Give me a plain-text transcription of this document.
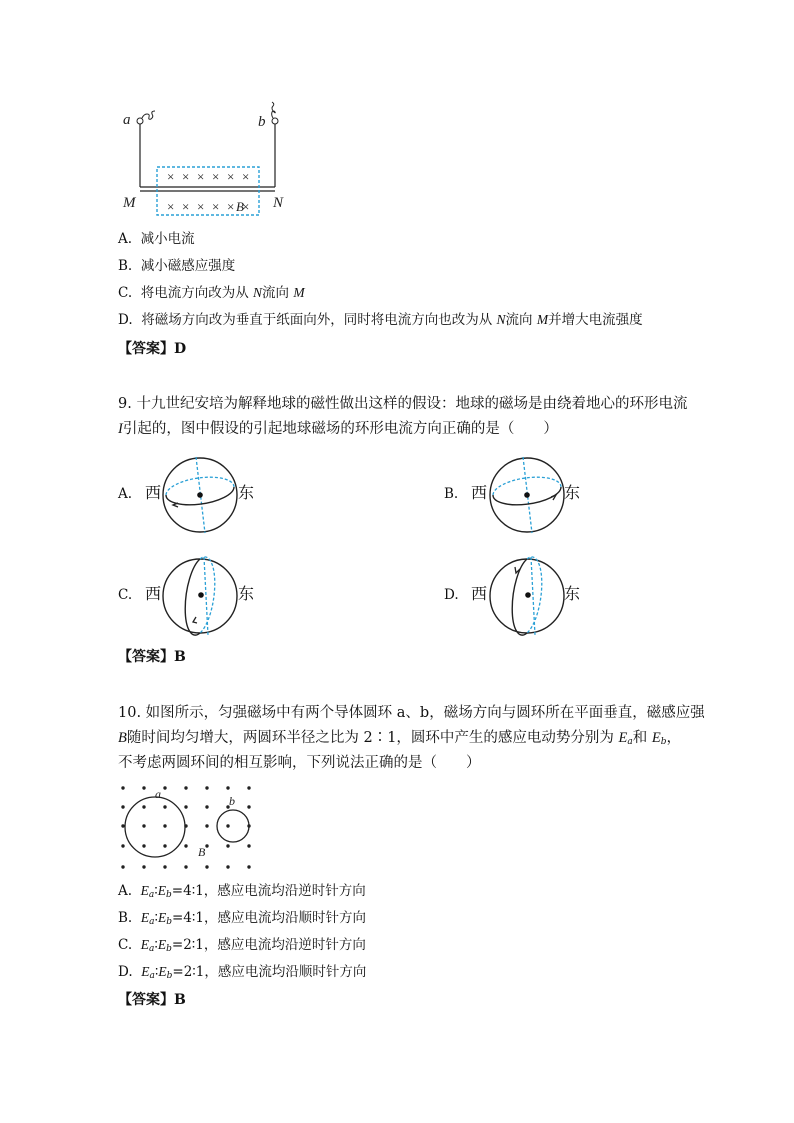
× × × × × ×
× × × × × ×
B
a	b
M	N
A. 减小电流
B. 减小磁感应强度
C. 将电流方向改为从 N流向 M
D. 将磁场方向改为垂直于纸面向外，同时将电流方向也改为从 N流向 M并增大电流强度
【答案】D
9. 十九世纪安培为解释地球的磁性做出这样的假设：地球的磁场是由绕着地心的环形电流
I引起的，图中假设的引起地球磁场的环形电流方向正确的是（　　）
A. 西	东	B. 西	东
C. 西	东	D. 西	东
【答案】B
10. 如图所示，匀强磁场中有两个导体圆环 a、b，磁场方向与圆环所在平面垂直，磁感应强
B随时间均匀增大，两圆环半径之比为 2∶1，圆环中产生的感应电动势分别为 $E_a$和 $E_b$，
不考虑两圆环间的相互影响，下列说法正确的是（　　）
a	b
B
A. $E_a∶E_b=4∶1$，感应电流均沿逆时针方向
B. $E_a∶E_b=4∶1$，感应电流均沿顺时针方向
C. $E_a∶E_b=2∶1$，感应电流均沿逆时针方向
D. $E_a∶E_b=2∶1$，感应电流均沿顺时针方向
【答案】B
